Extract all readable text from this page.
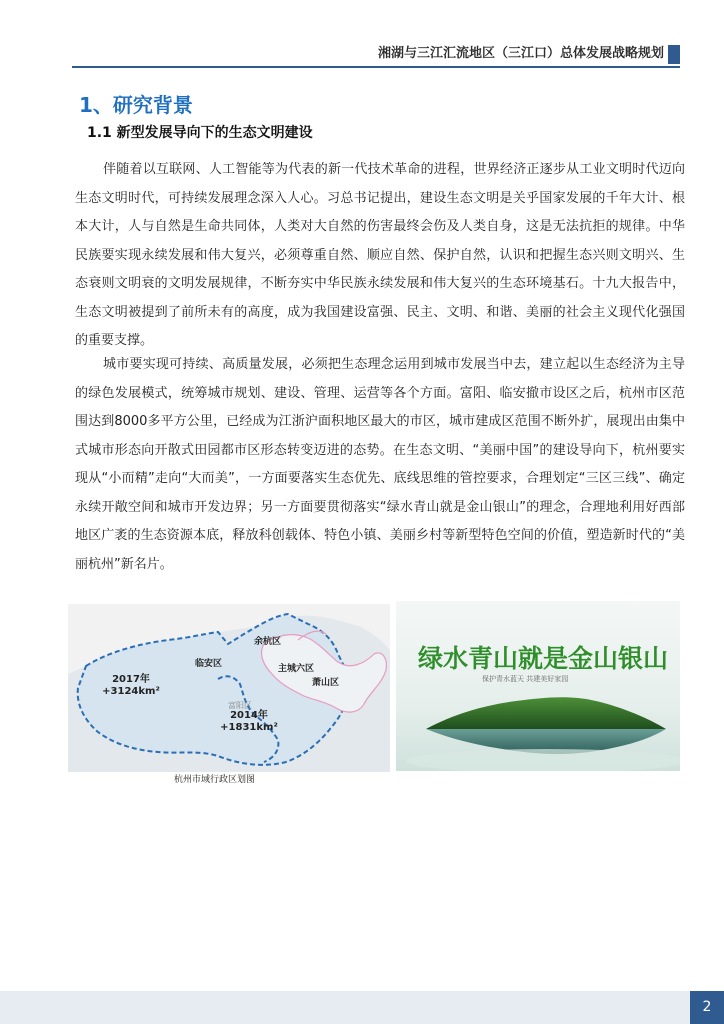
湘湖与三江汇流地区（三江口）总体发展战略规划
1、研究背景
1.1 新型发展导向下的生态文明建设

伴随着以互联网、人工智能等为代表的新一代技术革命的进程，世界经济正逐步从工业文明时代迈向生态文明时代，可持续发展理念深入人心。习总书记提出，建设生态文明是关乎国家发展的千年大计、根本大计，人与自然是生命共同体，人类对大自然的伤害最终会伤及人类自身，这是无法抗拒的规律。中华民族要实现永续发展和伟大复兴，必须尊重自然、顺应自然、保护自然，认识和把握生态兴则文明兴、生态衰则文明衰的文明发展规律，不断夯实中华民族永续发展和伟大复兴的生态环境基石。十九大报告中，生态文明被提到了前所未有的高度，成为我国建设富强、民主、文明、和谐、美丽的社会主义现代化强国的重要支撑。

城市要实现可持续、高质量发展，必须把生态理念运用到城市发展当中去，建立起以生态经济为主导的绿色发展模式，统筹城市规划、建设、管理、运营等各个方面。富阳、临安撤市设区之后，杭州市区范围达到8000多平方公里，已经成为江浙沪面积地区最大的市区，城市建成区范围不断外扩，展现出由集中式城市形态向开散式田园都市区形态转变迈进的态势。在生态文明、“美丽中国”的建设导向下，杭州要实现从“小而精”走向“大而美”，一方面要落实生态优先、底线思维的管控要求，合理划定“三区三线”、确定永续开敞空间和城市开发边界；另一方面要贯彻落实“绿水青山就是金山银山”的理念，合理地利用好西部地区广袤的生态资源本底，释放科创载体、特色小镇、美丽乡村等新型特色空间的价值，塑造新时代的“美丽杭州”新名片。

余杭区
临安区	主城六区
萧山区
富阳区
2017年
+3124km²
2014年
+1831km²
杭州市域行政区划图
绿水青山就是金山银山
保护青水蓝天 共建美好家园
2
